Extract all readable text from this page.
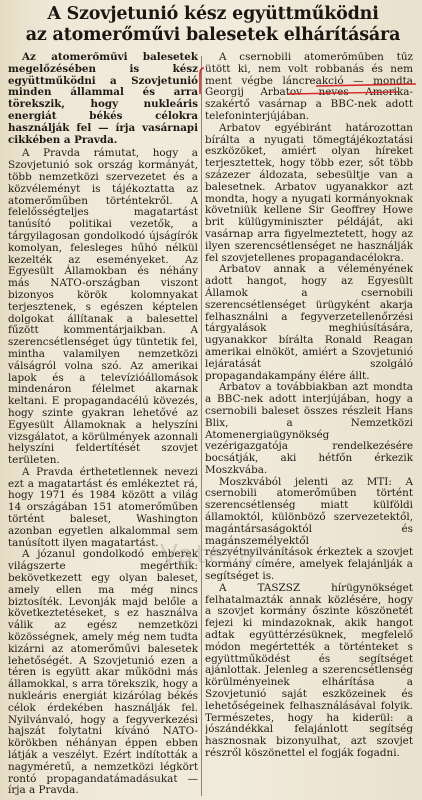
A Szovjetunió kész együttműködni
az atomerőművi balesetek elhárítására

Az atomerőművi balesetek megelőzésében is kész együttműködni a Szovjetunió minden állammal és arra törekszik, hogy nukleáris energiát békés célokra használják fel — írja vasárnapi cikkében a Pravda.

A Pravda rámutat, hogy a Szovjetunió sok ország kormányát, több nemzetközi szervezetet és a közvéleményt is tájékoztatta az atomerőműben történtekről. A felelősségteljes magatartást tanúsító politikai vezetők, a tárgyilagosan gondolkodó újságírók komolyan, felesleges hűhó nélkül kezelték az eseményeket. Az Egyesült Államokban és néhány más NATO-országban viszont bizonyos körök kolomnyakat terjesztenek, s egészen képtelen dolgokat állítanak a balesettel fűzött kommentárjaikban. A szerencsétlenséget úgy tüntetik fel, mintha valamilyen nemzetközi válságról volna szó. Az amerikai lapok és a televízióállomások mindenáron félelmet akarnak keltani. E propagandacélú kövezés, hogy szinte gyakran lehetővé az Egyesült Államoknak a helyszíni vizsgálatot, a körülmények azonnali helyszíni feldertítését szovjet területen.

A Pravda érthetetlennek nevezi ezt a magatartást és emlékeztet rá, hogy 1971 és 1984 között a világ 14 országában 151 atomerőműben történt baleset, Washington azonban egyetlen alkalommal sem tanúsított ilyen magatartást.

A józanul gondolkodó emberek világszerte megérthik: bekövetkezett egy olyan baleset, amely ellen ma még nincs biztosíték. Levonják majd belőle a következtetéseket, s ez használva válik az egész nemzetközi közösségnek, amely még nem tudta kizárni az atomerőművi balesetek lehetőségét. A Szovjetunió ezen a téren is együtt akar működni más államokkal, s arra törekszik, hogy a nukleáris energiát kizárólag békés célok érdekében használják fel. Nyilvánvaló, hogy a fegyverkezési hajszát folytatni kívánó NATO-körökben néhányan éppen ebben látják a veszélyt. Ezért indították a nagyméretű, a nemzetközi légkört rontó propagandatámadásukat — írja a Pravda.

A csernobili atomerőműben tűz ütött ki, nem volt robbanás és nem ment végbe láncreakció — mondta Georgij Arbatov neves Amerika-szakértő vasárnap a BBC-nek adott telefoninterjújában.

Arbatov egyébiránt határozottan bírálta a nyugati tömegtájékoztatási eszközöket, amiért olyan híreket terjesztettek, hogy több ezer, sőt több százezer áldozata, sebesültje van a balesetnek. Arbatov ugyanakkor azt mondta, hogy a nyugati kormányoknak követniük kellene Sir Geoffrey Howe brit külügyminiszter példáját, aki vasárnap arra figyelmeztetett, hogy az ilyen szerencsétlenséget ne használják fel szovjetellenes propagandacélokra.

Arbatov annak a véleményének adott hangot, hogy az Egyesült Államok a csernobili szerencsétlenséget ürügyként akarja felhasználni a fegyverzetellenőrzési tárgyalások meghiúsítására, ugyanakkor bírálta Ronald Reagan amerikai elnököt, amiért a Szovjetunió lejáratását szolgáló propagandakampány élére állt.

Arbatov a továbbiakban azt mondta a BBC-nek adott interjújában, hogy a csernobili baleset összes részleit Hans Blix, a Nemzetközi Atomenergiaügynökség vezérigazgatója rendelkezésére bocsátják, aki hétfőn érkezik Moszkvába.

Moszkvából jelenti az MTI: A csernobili atomerőműben történt szerencsétlenség miatt külföldi államoktól, különböző szervezetektől, magántársaságoktól és magánszemélyektől részvétnyilvánítások érkeztek a szovjet kormány címére, amelyek felajánlják a segítséget is.

A TASZSZ hírügynökséget felhatalmazták annak közlésére, hogy a szovjet kormány őszinte köszönetét fejezi ki mindazoknak, akik hangot adtak együttérzésüknek, megfelelő módon megértették a történteket s együttműködést és segítséget ajánlottak. Jelenleg a szerencsétlenség körülményeinek elhárítása a Szovjetunió saját eszközeinek és lehetőségeinek felhasználásával folyik. Természetes, hogy ha kiderül: a jószándékkal felajánlott segítség hasznosnak bizonyulhat, azt szovjet részről köszönettel el fogják fogadni.

Vatera
